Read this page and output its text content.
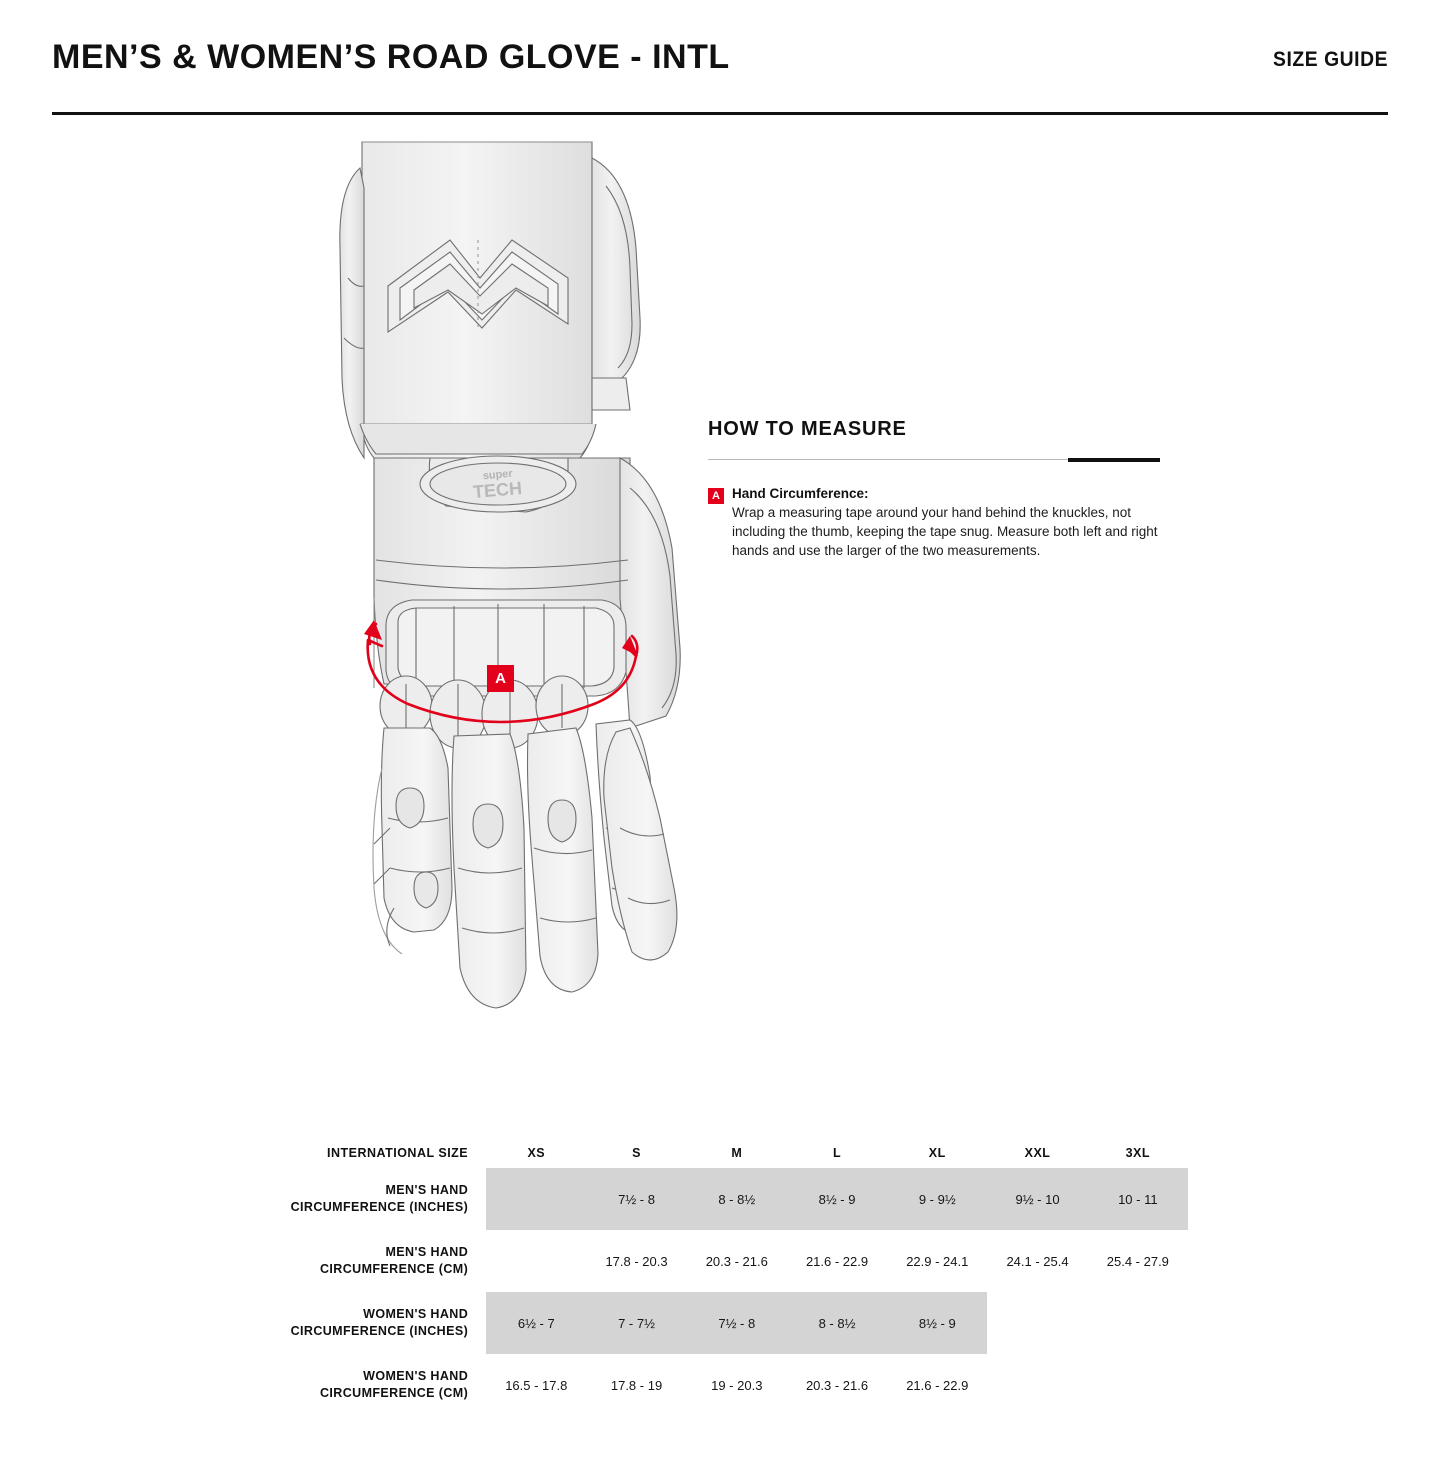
MEN’S & WOMEN’S ROAD GLOVE - INTL	SIZE GUIDE
super
TECH
A
HOW TO MEASURE
A Hand Circumference:
Wrap a measuring tape around your hand behind the knuckles, not including the thumb, keeping the tape snug. Measure both left and right hands and use the larger of the two measurements.
INTERNATIONAL SIZE	XS	S	M	L	XL	XXL	3XL

MEN'S HAND
CIRCUMFERENCE (INCHES)		7½ - 8	8 - 8½	8½ - 9	9 - 9½	9½ - 10	10 - 11

MEN'S HAND
CIRCUMFERENCE (CM)		17.8 - 20.3	20.3 - 21.6	21.6 - 22.9	22.9 - 24.1	24.1 - 25.4	25.4 - 27.9

WOMEN'S HAND
CIRCUMFERENCE (INCHES)	6½ - 7	7 - 7½	7½ - 8	8 - 8½	8½ - 9		

WOMEN'S HAND
CIRCUMFERENCE (CM)	16.5 - 17.8	17.8 - 19	19 - 20.3	20.3 - 21.6	21.6 - 22.9		
